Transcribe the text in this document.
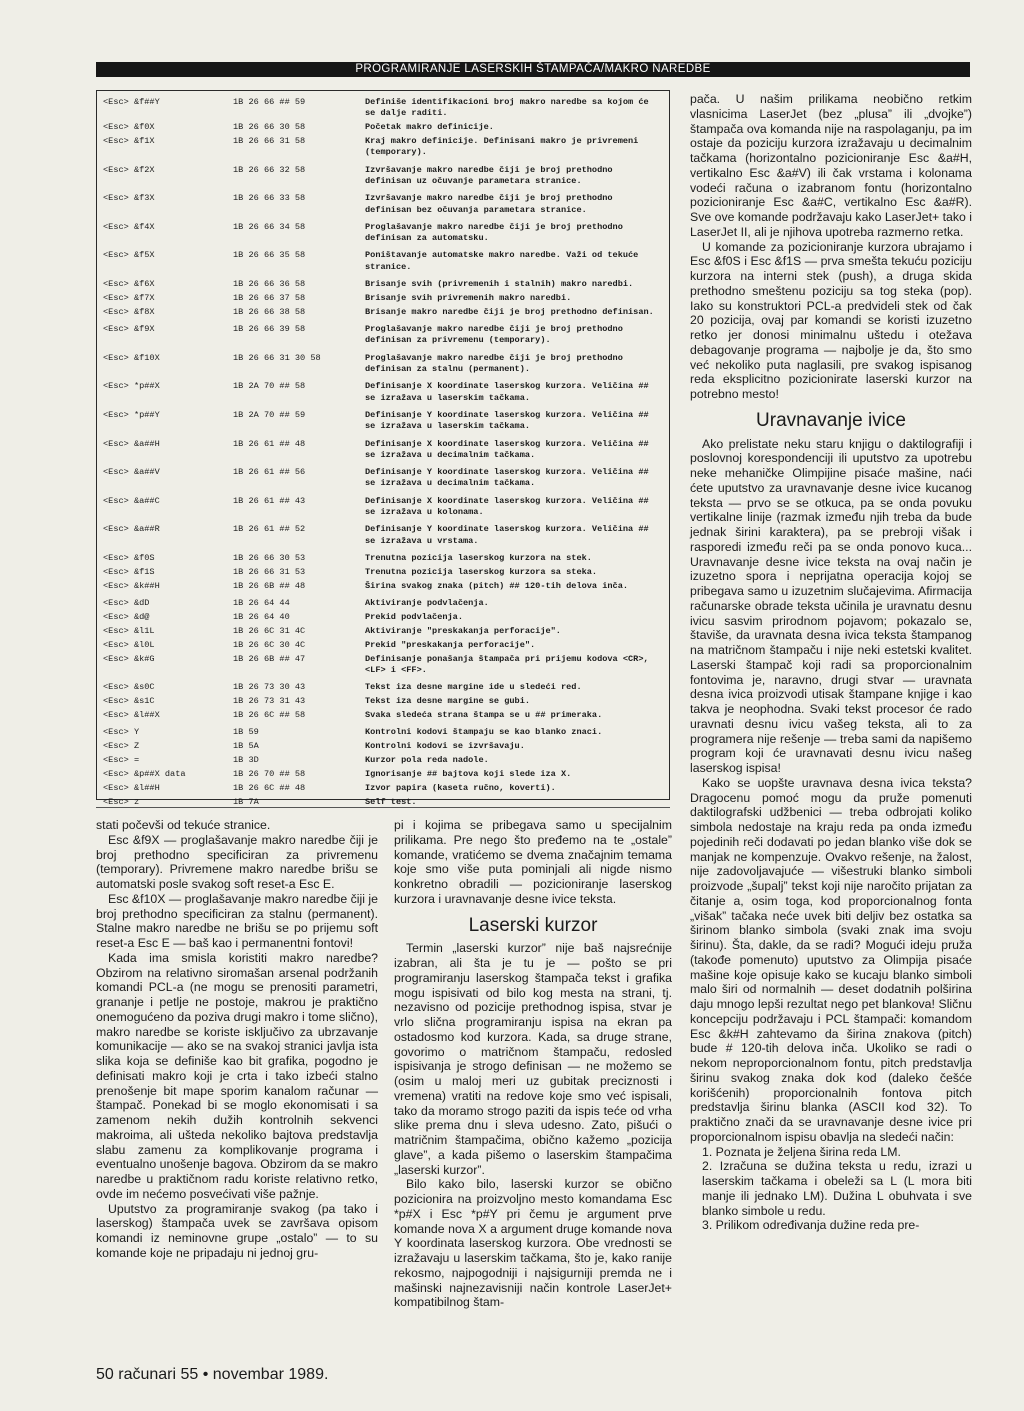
PROGRAMIRANJE LASERSKIH ŠTAMPAČA/MAKRO NAREDBE
<Esc> &f##Y	1B 26 66 ## 59	Definiše identifikacioni broj makro naredbe sa kojom će se dalje raditi.
<Esc> &f0X	1B 26 66 30 58	Početak makro definicije.
<Esc> &f1X	1B 26 66 31 58	Kraj makro definicije. Definisani makro je privremeni (temporary).
<Esc> &f2X	1B 26 66 32 58	Izvršavanje makro naredbe čiji je broj prethodno definisan uz očuvanje parametara stranice.
<Esc> &f3X	1B 26 66 33 58	Izvršavanje makro naredbe čiji je broj prethodno definisan bez očuvanja parametara stranice.
<Esc> &f4X	1B 26 66 34 58	Proglašavanje makro naredbe čiji je broj prethodno definisan za automatsku.
<Esc> &f5X	1B 26 66 35 58	Poništavanje automatske makro naredbe. Važi od tekuće stranice.
<Esc> &f6X	1B 26 66 36 58	Brisanje svih (privremenih i stalnih) makro naredbi.
<Esc> &f7X	1B 26 66 37 58	Brisanje svih privremenih makro naredbi.
<Esc> &f8X	1B 26 66 38 58	Brisanje makro naredbe čiji je broj prethodno definisan.
<Esc> &f9X	1B 26 66 39 58	Proglašavanje makro naredbe čiji je broj prethodno definisan za privremenu (temporary).
<Esc> &f10X	1B 26 66 31 30 58	Proglašavanje makro naredbe čiji je broj prethodno definisan za stalnu (permanent).
<Esc> *p##X	1B 2A 70 ## 58	Definisanje X koordinate laserskog kurzora. Veličina ## se izražava u laserskim tačkama.
<Esc> *p##Y	1B 2A 70 ## 59	Definisanje Y koordinate laserskog kurzora. Veličina ## se izražava u laserskim tačkama.
<Esc> &a##H	1B 26 61 ## 48	Definisanje X koordinate laserskog kurzora. Veličina ## se izražava u decimalnim tačkama.
<Esc> &a##V	1B 26 61 ## 56	Definisanje Y koordinate laserskog kurzora. Veličina ## se izražava u decimalnim tačkama.
<Esc> &a##C	1B 26 61 ## 43	Definisanje X koordinate laserskog kurzora. Veličina ## se izražava u kolonama.
<Esc> &a##R	1B 26 61 ## 52	Definisanje Y koordinate laserskog kurzora. Veličina ## se izražava u vrstama.
<Esc> &f0S	1B 26 66 30 53	Trenutna pozicija laserskog kurzora na stek.
<Esc> &f1S	1B 26 66 31 53	Trenutna pozicija laserskog kurzora sa steka.
<Esc> &k##H	1B 26 6B ## 48	Širina svakog znaka (pitch) ## 120-tih delova inča.
<Esc> &dD	1B 26 64 44	Aktiviranje podvlačenja.
<Esc> &d@	1B 26 64 40	Prekid podvlačenja.
<Esc> &l1L	1B 26 6C 31 4C	Aktiviranje "preskakanja perforacije".
<Esc> &l0L	1B 26 6C 30 4C	Prekid "preskakanja perforacije".
<Esc> &k#G	1B 26 6B ## 47	Definisanje ponašanja štampača pri prijemu kodova <CR>, <LF> i <FF>.
<Esc> &s0C	1B 26 73 30 43	Tekst iza desne margine ide u sledeći red.
<Esc> &s1C	1B 26 73 31 43	Tekst iza desne margine se gubi.
<Esc> &l##X	1B 26 6C ## 58	Svaka sledeća strana štampa se u ## primeraka.
<Esc> Y	1B 59	Kontrolni kodovi štampaju se kao blanko znaci.
<Esc> Z	1B 5A	Kontrolni kodovi se izvršavaju.
<Esc> =	1B 3D	Kurzor pola reda nadole.
<Esc> &p##X data	1B 26 70 ## 58	Ignorisanje ## bajtova koji slede iza X.
<Esc> &l##H	1B 26 6C ## 48	Izvor papira (kaseta ručno, koverti).
<Esc> z	1B 7A	Self test.

stati počevši od tekuće stranice.

Esc &f9X — proglašavanje makro naredbe čiji je broj prethodno specificiran za privremenu (temporary). Privremene makro naredbe brišu se automatski posle svakog soft reset-a Esc E.

Esc &f10X — proglašavanje makro naredbe čiji je broj prethodno specificiran za stalnu (permanent). Stalne makro naredbe ne brišu se po prijemu soft reset-a Esc E — baš kao i permanentni fontovi!

Kada ima smisla koristiti makro naredbe? Obzirom na relativno siromašan arsenal podržanih komandi PCL-a (ne mogu se prenositi parametri, grananje i petlje ne postoje, makrou je praktično onemogućeno da poziva drugi makro i tome slično), makro naredbe se koriste isključivo za ubrzavanje komunikacije — ako se na svakoj stranici javlja ista slika koja se definiše kao bit grafika, pogodno je definisati makro koji je crta i tako izbeći stalno prenošenje bit mape sporim kanalom računar — štampač. Ponekad bi se moglo ekonomisati i sa zamenom nekih dužih kontrolnih sekvenci makroima, ali ušteda nekoliko bajtova predstavlja slabu zamenu za komplikovanje programa i eventualno unošenje bagova. Obzirom da se makro naredbe u praktičnom radu koriste relativno retko, ovde im nećemo posvećivati više pažnje.

Uputstvo za programiranje svakog (pa tako i laserskog) štampača uvek se završava opisom komandi iz neminovne grupe „ostalo” — to su komande koje ne pripadaju ni jednoj gru-

pi i kojima se pribegava samo u specijalnim prilikama. Pre nego što pređemo na te „ostale” komande, vratićemo se dvema značajnim temama koje smo više puta pominjali ali nigde nismo konkretno obradili — pozicioniranje laserskog kurzora i uravnavanje desne ivice teksta.

Laserski kurzor

Termin „laserski kurzor” nije baš najsrećnije izabran, ali šta je tu je — pošto se pri programiranju laserskog štampača tekst i grafika mogu ispisivati od bilo kog mesta na strani, tj. nezavisno od pozicije prethodnog ispisa, stvar je vrlo slična programiranju ispisa na ekran pa ostadosmo kod kurzora. Kada, sa druge strane, govorimo o matričnom štampaču, redosled ispisivanja je strogo definisan — ne možemo se (osim u maloj meri uz gubitak preciznosti i vremena) vratiti na redove koje smo već ispisali, tako da moramo strogo paziti da ispis teće od vrha slike prema dnu i sleva udesno. Zato, pišući o matričnim štampačima, obično kažemo „pozicija glave”, a kada pišemo o laserskim štampačima „laserski kurzor”.

Bilo kako bilo, laserski kurzor se obično pozicionira na proizvoljno mesto komandama Esc *p#X i Esc *p#Y pri čemu je argument prve komande nova X a argument druge komande nova Y koordinata laserskog kurzora. Obe vrednosti se izražavaju u laserskim tačkama, što je, kako ranije rekosmo, najpogodniji i najsigurniji premda ne i mašinski najnezavisniji način kontrole LaserJet+ kompatibilnog štam-

pača. U našim prilikama neobično retkim vlasnicima LaserJet (bez „plusa” ili „dvojke”) štampača ova komanda nije na raspolaganju, pa im ostaje da poziciju kurzora izražavaju u decimalnim tačkama (horizontalno pozicioniranje Esc &a#H, vertikalno Esc &a#V) ili čak vrstama i kolonama vodeći računa o izabranom fontu (horizontalno pozicioniranje Esc &a#C, vertikalno Esc &a#R). Sve ove komande podržavaju kako LaserJet+ tako i LaserJet II, ali je njihova upotreba razmerno retka.

U komande za pozicioniranje kurzora ubrajamo i Esc &f0S i Esc &f1S — prva smešta tekuću poziciju kurzora na interni stek (push), a druga skida prethodno smeštenu poziciju sa tog steka (pop). Iako su konstruktori PCL-a predvideli stek od čak 20 pozicija, ovaj par komandi se koristi izuzetno retko jer donosi minimalnu uštedu i otežava debagovanje programa — najbolje je da, što smo već nekoliko puta naglasili, pre svakog ispisanog reda eksplicitno pozicionirate laserski kurzor na potrebno mesto!

Uravnavanje ivice

Ako prelistate neku staru knjigu o daktilografiji i poslovnoj korespondenciji ili uputstvo za upotrebu neke mehaničke Olimpijine pisaće mašine, naći ćete uputstvo za uravnavanje desne ivice kucanog teksta — prvo se se otkuca, pa se onda povuku vertikalne linije (razmak između njih treba da bude jednak širini karaktera), pa se prebroji višak i rasporedi između reči pa se onda ponovo kuca... Uravnavanje desne ivice teksta na ovaj način je izuzetno spora i neprijatna operacija kojoj se pribegava samo u izuzetnim slučajevima. Afirmacija računarske obrade teksta učinila je uravnatu desnu ivicu sasvim prirodnom pojavom; pokazalo se, štaviše, da uravnata desna ivica teksta štampanog na matričnom štampaču i nije neki estetski kvalitet. Laserski štampač koji radi sa proporcionalnim fontovima je, naravno, drugi stvar — uravnata desna ivica proizvodi utisak štampane knjige i kao takva je neophodna. Svaki tekst procesor će rado uravnati desnu ivicu vašeg teksta, ali to za programera nije rešenje — treba sami da napišemo program koji će uravnavati desnu ivicu našeg laserskog ispisa!

Kako se uopšte uravnava desna ivica teksta? Dragocenu pomoć mogu da pruže pomenuti daktilografski udžbenici — treba odbrojati koliko simbola nedostaje na kraju reda pa onda između pojedinih reči dodavati po jedan blanko više dok se manjak ne kompenzuje. Ovakvo rešenje, na žalost, nije zadovoljavajuće — višestruki blanko simboli proizvode „šupalj” tekst koji nije naročito prijatan za čitanje a, osim toga, kod proporcionalnog fonta „višak” tačaka neće uvek biti deljiv bez ostatka sa širinom blanko simbola (svaki znak ima svoju širinu). Šta, dakle, da se radi? Mogući ideju pruža (takođe pomenuto) uputstvo za Olimpija pisaće mašine koje opisuje kako se kucaju blanko simboli malo širi od normalnih — deset dodatnih polširina daju mnogo lepši rezultat nego pet blankova! Sličnu koncepciju podržavaju i PCL štampači: komandom Esc &k#H zahtevamo da širina znakova (pitch) bude # 120-tih delova inča. Ukoliko se radi o nekom neproporcionalnom fontu, pitch predstavlja širinu svakog znaka dok kod (daleko češće korišćenih) proporcionalnih fontova pitch predstavlja širinu blanka (ASCII kod 32). To praktično znači da se uravnavanje desne ivice pri proporcionalnom ispisu obavlja na sledeći način:

1. Poznata je željena širina reda LM.

2. Izračuna se dužina teksta u redu, izrazi u laserskim tačkama i obeleži sa L (L mora biti manje ili jednako LM). Dužina L obuhvata i sve blanko simbole u redu.

3. Prilikom određivanja dužine reda pre-

50 računari 55 • novembar 1989.
